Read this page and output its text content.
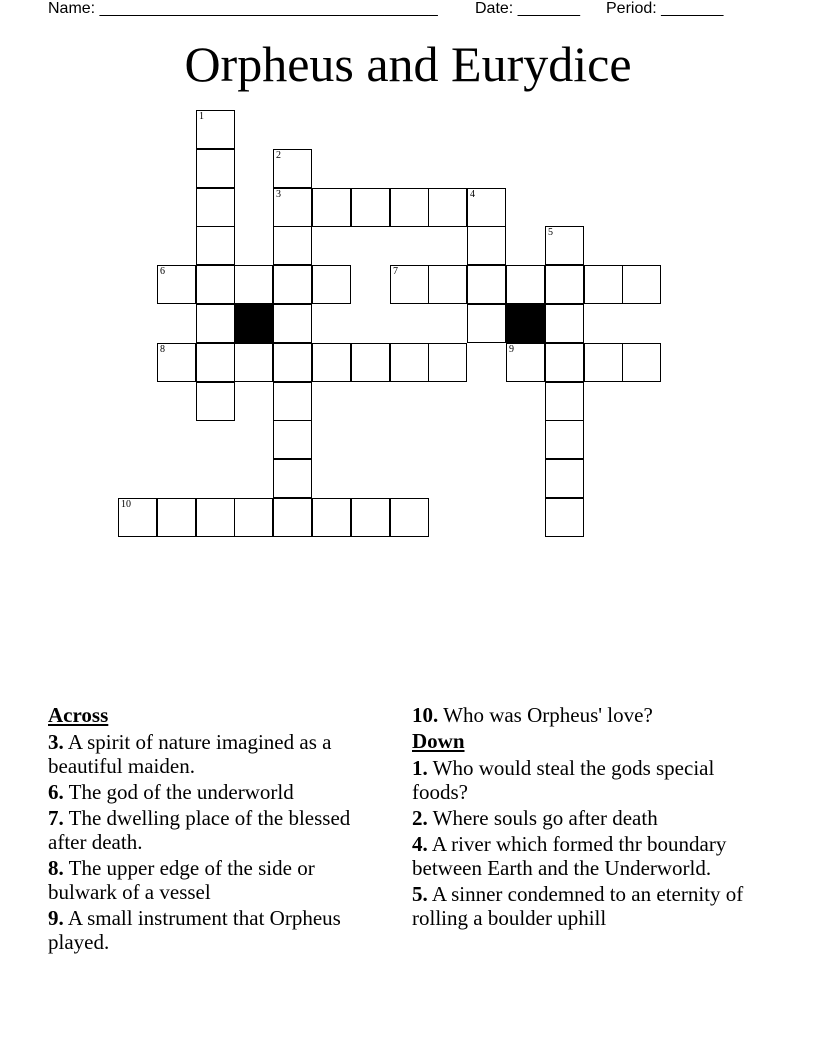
Name: ______________________________________ Date: _______ Period: _______
Orpheus and Eurydice
1
2
3	4
5
6	7
8	9
10
Across
3. A spirit of nature imagined as a beautiful maiden.
6. The god of the underworld
7. The dwelling place of the blessed after death.
8. The upper edge of the side or bulwark of a vessel
9. A small instrument that Orpheus played.
10. Who was Orpheus' love?
Down
1. Who would steal the gods special foods?
2. Where souls go after death
4. A river which formed thr boundary between Earth and the Underworld.
5. A sinner condemned to an eternity of rolling a boulder uphill
